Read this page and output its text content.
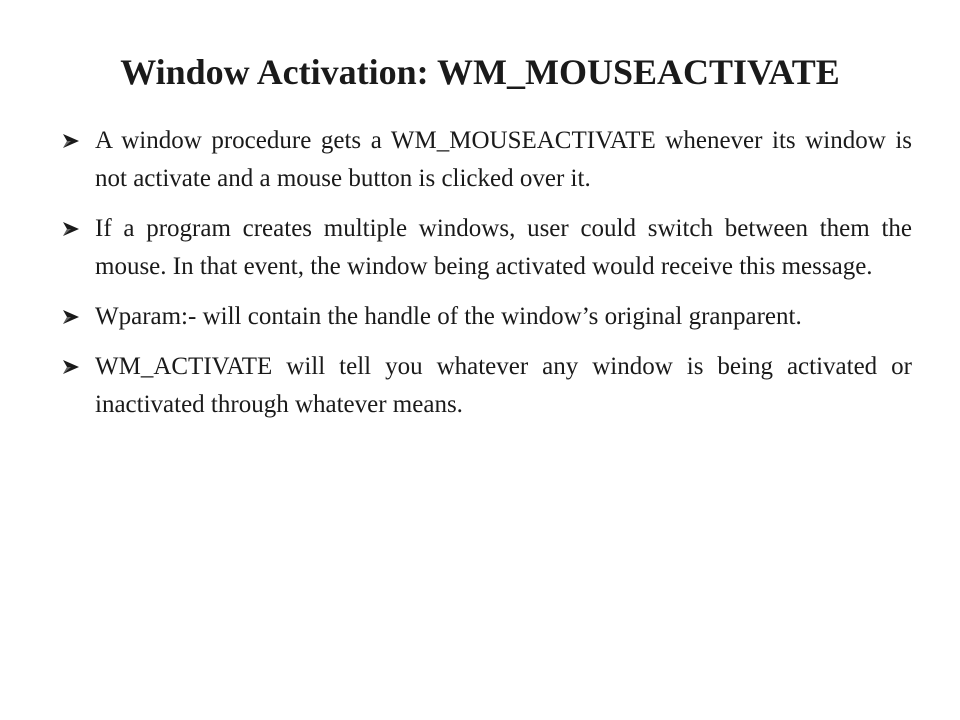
Window Activation: WM_MOUSEACTIVATE
A window procedure gets a WM_MOUSEACTIVATE whenever its window is not activate and a mouse button is clicked over it.
If a program creates multiple windows, user could switch between them the mouse. In that event, the window being activated would receive this message.
Wparam:- will contain the handle of the window’s original granparent.
WM_ACTIVATE will tell you whatever any window is being activated or inactivated through whatever means.
